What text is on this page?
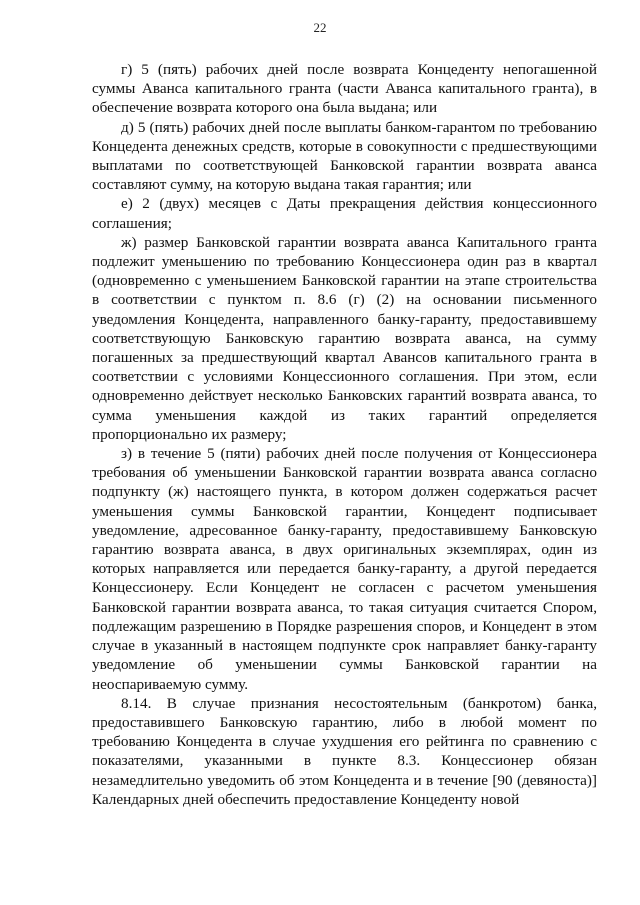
22

г) 5 (пять) рабочих дней после возврата Концеденту непогашенной суммы Аванса капитального гранта (части Аванса капитального гранта), в обеспечение возврата которого она была выдана; или

д) 5 (пять) рабочих дней после выплаты банком-гарантом по требованию Концедента денежных средств, которые в совокупности с предшествующими выплатами по соответствующей Банковской гарантии возврата аванса составляют сумму, на которую выдана такая гарантия; или

е) 2 (двух) месяцев с Даты прекращения действия концессионного соглашения;

ж) размер Банковской гарантии возврата аванса Капитального гранта подлежит уменьшению по требованию Концессионера один раз в квартал (одновременно с уменьшением Банковской гарантии на этапе строительства в соответствии с пунктом п. 8.6 (г) (2) на основании письменного уведомления Концедента, направленного банку-гаранту, предоставившему соответствующую Банковскую гарантию возврата аванса, на сумму погашенных за предшествующий квартал Авансов капитального гранта в соответствии с условиями Концессионного соглашения. При этом, если одновременно действует несколько Банковских гарантий возврата аванса, то сумма уменьшения каждой из таких гарантий определяется пропорционально их размеру;

з) в течение 5 (пяти) рабочих дней после получения от Концессионера требования об уменьшении Банковской гарантии возврата аванса согласно подпункту (ж) настоящего пункта, в котором должен содержаться расчет уменьшения суммы Банковской гарантии, Концедент подписывает уведомление, адресованное банку-гаранту, предоставившему Банковскую гарантию возврата аванса, в двух оригинальных экземплярах, один из которых направляется или передается банку-гаранту, а другой передается Концессионеру. Если Концедент не согласен с расчетом уменьшения Банковской гарантии возврата аванса, то такая ситуация считается Спором, подлежащим разрешению в Порядке разрешения споров, и Концедент в этом случае в указанный в настоящем подпункте срок направляет банку-гаранту уведомление об уменьшении суммы Банковской гарантии на неоспариваемую сумму.

8.14. В случае признания несостоятельным (банкротом) банка, предоставившего Банковскую гарантию, либо в любой момент по требованию Концедента в случае ухудшения его рейтинга по сравнению с показателями, указанными в пункте 8.3. Концессионер обязан незамедлительно уведомить об этом Концедента и в течение [90 (девяноста)] Календарных дней обеспечить предоставление Концеденту новой
